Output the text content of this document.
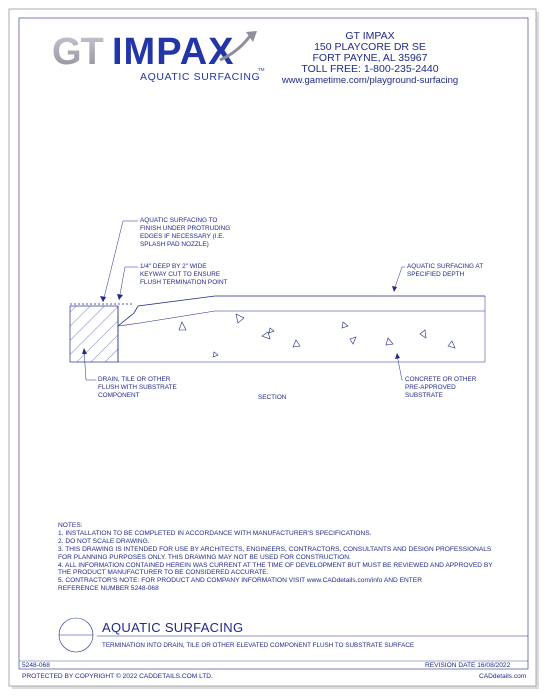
GT IMPAX
AQUATIC SURFACING
TM
GT IMPAX
150 PLAYCORE DR SE
FORT PAYNE, AL 35967
TOLL FREE: 1-800-235-2440
www.gametime.com/playground-surfacing
AQUATIC SURFACING TO
FINISH UNDER PROTRUDING
EDGES IF NECESSARY (I.E.
SPLASH PAD NOZZLE)
1/4" DEEP BY 2" WIDE
KEYWAY CUT TO ENSURE
FLUSH TERMINATION POINT
AQUATIC SURFACING AT
SPECIFIED DEPTH
DRAIN, TILE OR OTHER
FLUSH WITH SUBSTRATE
COMPONENT
CONCRETE OR OTHER
PRE-APPROVED
SUBSTRATE
SECTION
NOTES:
1. INSTALLATION TO BE COMPLETED IN ACCORDANCE WITH MANUFACTURER'S SPECIFICATIONS.
2. DO NOT SCALE DRAWING.
3. THIS DRAWING IS INTENDED FOR USE BY ARCHITECTS, ENGINEERS, CONTRACTORS, CONSULTANTS AND DESIGN PROFESSIONALS
FOR PLANNING PURPOSES ONLY. THIS DRAWING MAY NOT BE USED FOR CONSTRUCTION.
4. ALL INFORMATION CONTAINED HEREIN WAS CURRENT AT THE TIME OF DEVELOPMENT BUT MUST BE REVIEWED AND APPROVED BY
THE PRODUCT MANUFACTURER TO BE CONSIDERED ACCURATE.
5. CONTRACTOR'S NOTE: FOR PRODUCT AND COMPANY INFORMATION VISIT www.CADdetails.com/info AND ENTER
REFERENCE NUMBER 5248-068
AQUATIC SURFACING
TERMINATION INTO DRAIN, TILE OR OTHER ELEVATED COMPONENT FLUSH TO SUBSTRATE SURFACE
5248-068	REVISION DATE 16/08/2022
PROTECTED BY COPYRIGHT © 2022 CADDETAILS.COM LTD.	CADdetails.com
